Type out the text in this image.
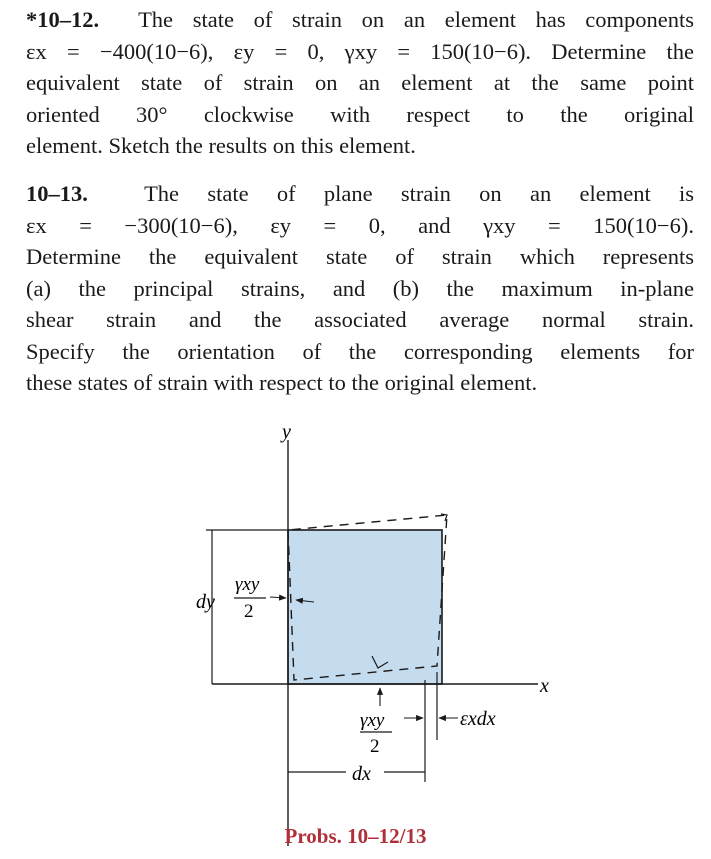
*10–12. The state of strain on an element has components
εx = −400(10−6), εy = 0, γxy = 150(10−6). Determine the
equivalent state of strain on an element at the same point
oriented 30° clockwise with respect to the original
element. Sketch the results on this element.
10–13. The state of plane strain on an element is
εx = −300(10−6), εy = 0, and γxy = 150(10−6).
Determine the equivalent state of strain which represents
(a) the principal strains, and (b) the maximum in-plane
shear strain and the associated average normal strain.
Specify the orientation of the corresponding elements for
these states of strain with respect to the original element.
y
x
dy
γxy
2
γxy
2
εxdx
dx
Probs. 10–12/13
